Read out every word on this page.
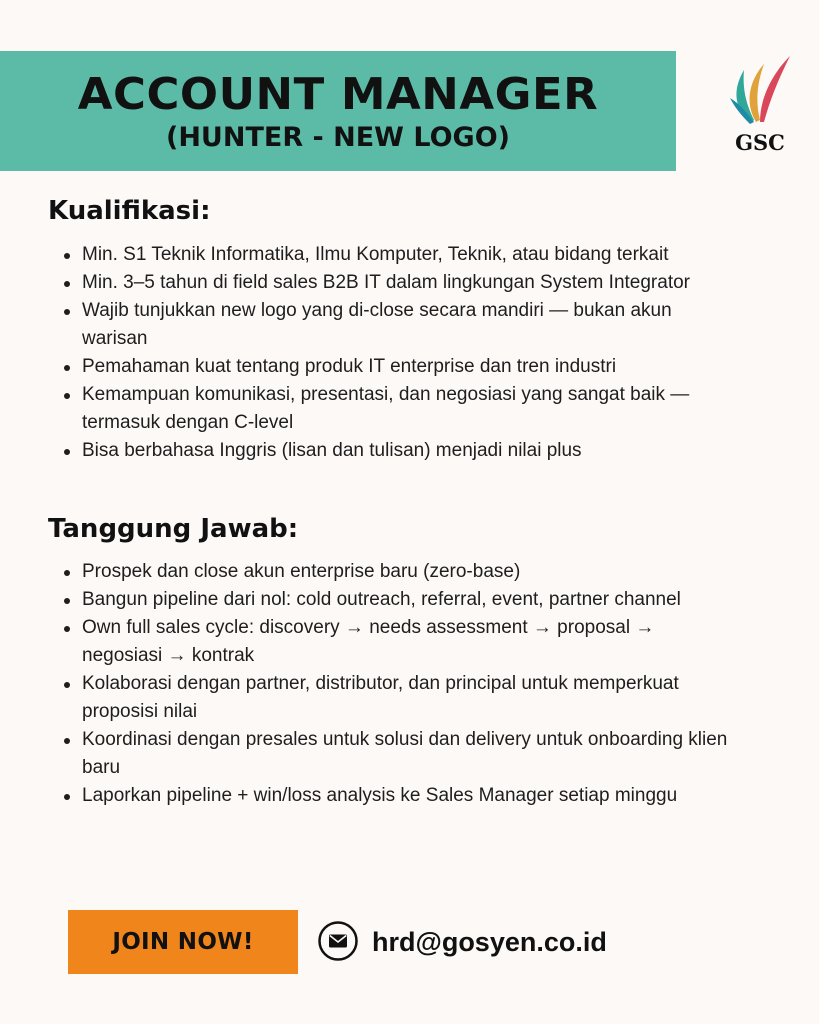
ACCOUNT MANAGER
(HUNTER - NEW LOGO)	GSC
Kualifikasi:
Min. S1 Teknik Informatika, Ilmu Komputer, Teknik, atau bidang terkait
Min. 3–5 tahun di field sales B2B IT dalam lingkungan System Integrator
Wajib tunjukkan new logo yang di-close secara mandiri — bukan akun warisan
Pemahaman kuat tentang produk IT enterprise dan tren industri
Kemampuan komunikasi, presentasi, dan negosiasi yang sangat baik — termasuk dengan C-level
Bisa berbahasa Inggris (lisan dan tulisan) menjadi nilai plus
Tanggung Jawab:
Prospek dan close akun enterprise baru (zero-base)
Bangun pipeline dari nol: cold outreach, referral, event, partner channel
Own full sales cycle: discovery → needs assessment → proposal → negosiasi → kontrak
Kolaborasi dengan partner, distributor, dan principal untuk memperkuat proposisi nilai
Koordinasi dengan presales untuk solusi dan delivery untuk onboarding klien baru
Laporkan pipeline + win/loss analysis ke Sales Manager setiap minggu
JOIN NOW!	hrd@gosyen.co.id
